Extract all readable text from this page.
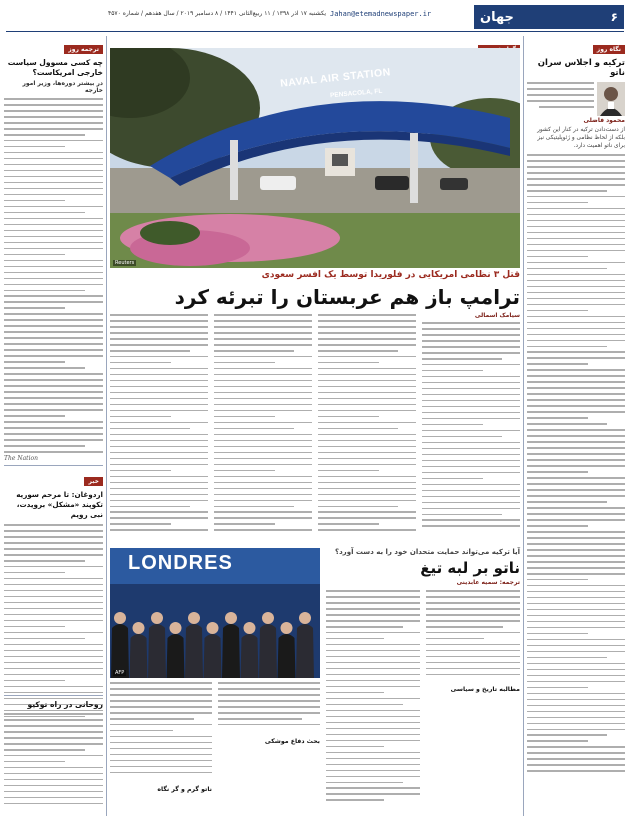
جهان	۶
Jahan@etemadnewspaper.ir
یکشنبه ۱۷ آذر ۱۳۹۸ / ۱۱ ربیع‌الثانی ۱۴۴۱ / ۸ دسامبر ۲۰۱۹ / سال هفدهم / شماره ۴۵۷۰
نگاه روز
ترکیه و اجلاس سران ناتو
محمود فاضلی
از دست‌دادن ترکیه در کنار این کشور بلکه از لحاظ نظامی و ژئوپلیتیکی نیز برای ناتو اهمیت دارد.
ترجمه روز
چه کسی مسوول سیاست خارجی امریکاست؟
در بیشتر دوره‌ها، وزیر امور خارجه
The Nation
خبر
اردوغان: تا مرحم سوریه تکوپند «مشکل» برویدت، نبی رویم
روحانی در راه توکیو
NAVAL AIR STATION
PENSACOLA, FL
Reuters
قتل ۳ نظامی امریکایی در فلوریدا توسط یک افسر سعودی
ترامپ باز هم عربستان را تبرئه کرد
سیامک اسمالی
LONDRES
AFP
آیا ترکیه می‌تواند حمایت متحدان خود را به دست آورد؟
ناتو بر لبه تیغ
ترجمه: سمیه عابدینی
مطالبه تاریخ و سیاسی
بحث دفاع موشکی
ناتو گرم و گر نگاه
